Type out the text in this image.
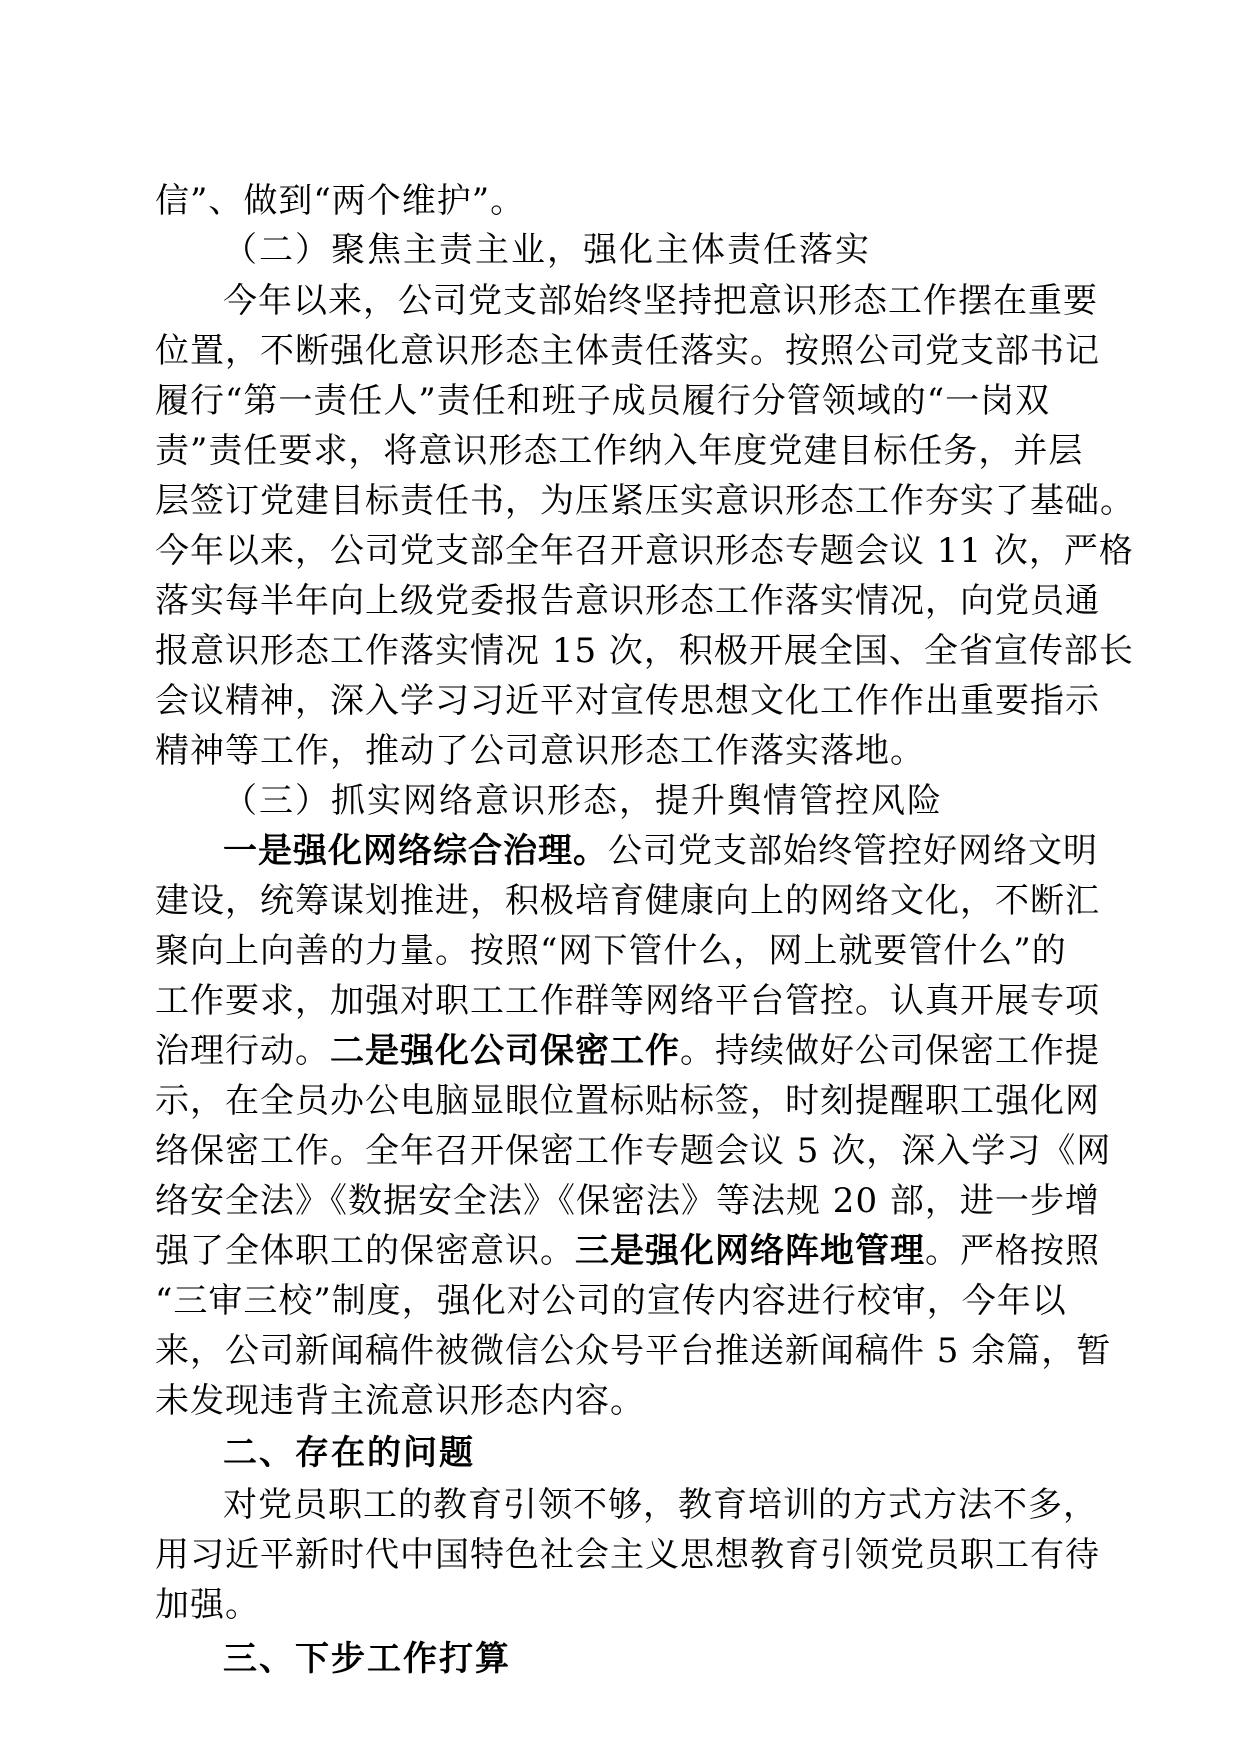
信”、做到“两个维护”。
（二）聚焦主责主业，强化主体责任落实
今年以来，公司党支部始终坚持把意识形态工作摆在重要
位置，不断强化意识形态主体责任落实。按照公司党支部书记
履行“第一责任人”责任和班子成员履行分管领域的“一岗双
责”责任要求，将意识形态工作纳入年度党建目标任务，并层
层签订党建目标责任书，为压紧压实意识形态工作夯实了基础。
今年以来，公司党支部全年召开意识形态专题会议 11 次，严格
落实每半年向上级党委报告意识形态工作落实情况，向党员通
报意识形态工作落实情况 15 次，积极开展全国、全省宣传部长
会议精神，深入学习习近平对宣传思想文化工作作出重要指示
精神等工作，推动了公司意识形态工作落实落地。
（三）抓实网络意识形态，提升舆情管控风险
一是强化网络综合治理。公司党支部始终管控好网络文明
建设，统筹谋划推进，积极培育健康向上的网络文化，不断汇
聚向上向善的力量。按照“网下管什么，网上就要管什么”的
工作要求，加强对职工工作群等网络平台管控。认真开展专项
治理行动。二是强化公司保密工作。持续做好公司保密工作提
示，在全员办公电脑显眼位置标贴标签，时刻提醒职工强化网
络保密工作。全年召开保密工作专题会议 5 次，深入学习《网
络安全法》《数据安全法》《保密法》等法规 20 部，进一步增
强了全体职工的保密意识。三是强化网络阵地管理。严格按照
“三审三校”制度，强化对公司的宣传内容进行校审，今年以
来，公司新闻稿件被微信公众号平台推送新闻稿件 5 余篇，暂
未发现违背主流意识形态内容。
二、存在的问题
对党员职工的教育引领不够，教育培训的方式方法不多，
用习近平新时代中国特色社会主义思想教育引领党员职工有待
加强。
三、下步工作打算
